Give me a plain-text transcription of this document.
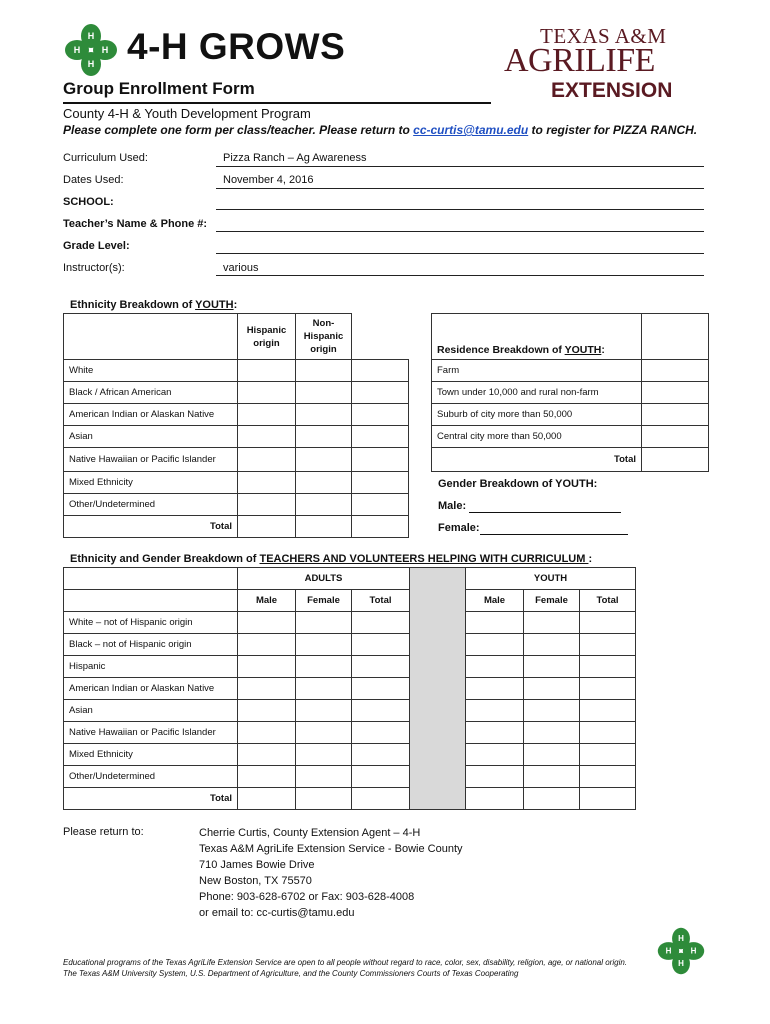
H
H
H H 4-H GROWS	TEXAS A&M
AGRILIFE
EXTENSION
Group Enrollment Form
County 4-H & Youth Development Program
Please complete one form per class/teacher. Please return to cc-curtis@tamu.edu to register for PIZZA RANCH.
Curriculum Used:	Pizza Ranch – Ag Awareness
Dates Used:	November 4, 2016
SCHOOL:
Teacher’s Name & Phone #:
Grade Level:
Instructor(s):	various
Ethnicity Breakdown of YOUTH:
	Hispanic origin	Non-Hispanic origin	
White			
Black / African American			
American Indian or Alaskan Native			
Asian			
Native Hawaiian or Pacific Islander			
Mixed Ethnicity			
Other/Undetermined			
Total			
Residence Breakdown of YOUTH:	
Farm	
Town under 10,000 and rural non-farm	
Suburb of city more than 50,000	
Central city more than 50,000	
Total	
Gender Breakdown of YOUTH:
Male:
Female:
Ethnicity and Gender Breakdown of TEACHERS AND VOLUNTEERS HELPING WITH CURRICULUM :
	ADULTS				YOUTH		
	Male	Female	Total		Male	Female	Total
White – not of Hispanic origin							
Black – not of Hispanic origin							
Hispanic							
American Indian or Alaskan Native							
Asian							
Native Hawaiian or Pacific Islander							
Mixed Ethnicity							
Other/Undetermined							
Total							
Please return to:	Cherrie Curtis, County Extension Agent – 4-H
Texas A&M AgriLife Extension Service - Bowie County
710 James Bowie Drive
New Boston, TX 75570
Phone: 903-628-6702 or Fax: 903-628-4008
or email to: cc-curtis@tamu.edu
Educational programs of the Texas AgriLife Extension Service are open to all people without regard to race, color, sex, disability, religion, age, or national origin.
The Texas A&M University System, U.S. Department of Agriculture, and the County Commissioners Courts of Texas Cooperating
H
H
H H
